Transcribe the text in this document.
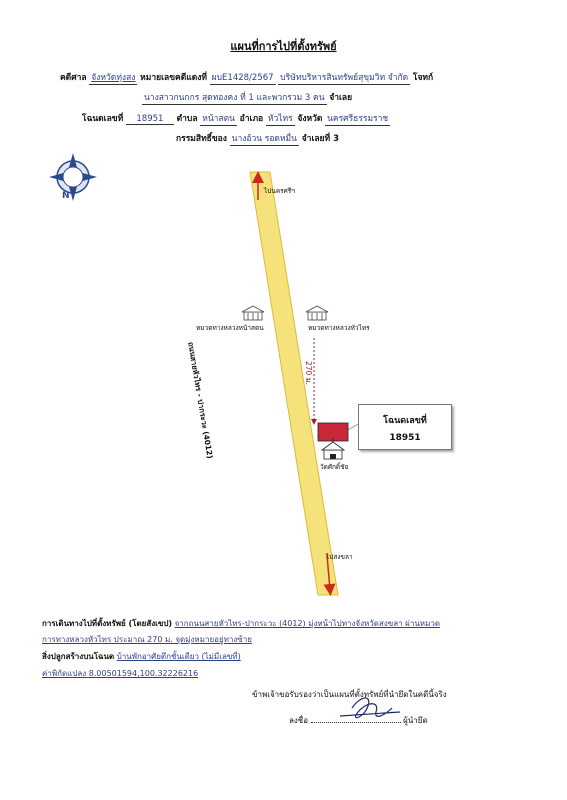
แผนที่การไปที่ตั้งทรัพย์
คดีศาล จังหวัดทุ่งสง หมายเลขคดีแดงที่ ผบE1428/2567 บริษัทบริหารสินทรัพย์สุขุมวิท จำกัด โจทก์
นางสาวกนกกร สุดทองคง ที่ 1 และพวกรวม 3 คน จำเลย
โฉนดเลขที่ 18951 ตำบล หน้าสตน อำเภอ หัวไทร จังหวัด นครศรีธรรมราช
กรรมสิทธิ์ของ นางอ้วน รอดหมื่น จำเลยที่ 3
ไปนครศรีฯ
ไปสงขลา
N
ถนนสายหัวไทร - ปากระวะ (4012)
หมวดทางหลวงหน้าสตน	หมวดทางหลวงหัวไทร
270 ม.
โฉนดเลขที่
18951
วัดศักดิ์ชัย
การเดินทางไปที่ตั้งทรัพย์ (โดยสังเขป) จากถนนสายหัวไทร-ปากระวะ (4012) มุ่งหน้าไปทางจังหวัดสงขลา ผ่านหมวด
การทางหลวงหัวไทร ประมาณ 270 ม. จุดมุ่งหมายอยู่ทางซ้าย
สิ่งปลูกสร้างบนโฉนด บ้านพักอาศัยตึกชั้นเดียว (ไม่มีเลขที่)
ค่าพิกัดแปลง 8.00501594,100.32226216
ข้าพเจ้าขอรับรองว่าเป็นแผนที่ตั้งทรัพย์ที่นำยึดในคดีนี้จริง
ลงชื่อ	ผู้นำยึด
